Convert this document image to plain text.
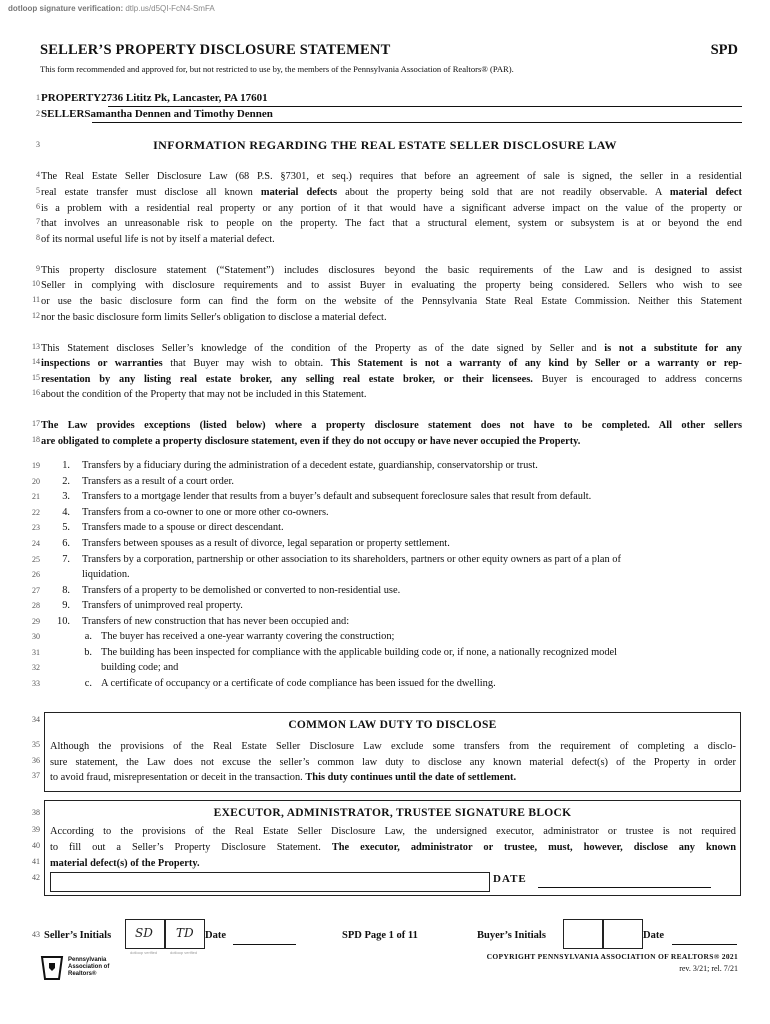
dotloop signature verification: dtlp.us/d5QI-FcN4-SmFA
SELLER’S PROPERTY DISCLOSURE STATEMENT	SPD
This form recommended and approved for, but not restricted to use by, the members of the Pennsylvania Association of Realtors® (PAR).
1
2
3
4
5
6
7
8
9
10
11
12
13
14
15
16
17
18
19
20
21
22
23
24
25
26
27
28
29
30
31
32
33
34
35
36
37
38
39
40
41
42
43
PROPERTY2736 Lititz Pk, Lancaster, PA 17601
SELLERSamantha Dennen and Timothy Dennen
INFORMATION REGARDING THE REAL ESTATE SELLER DISCLOSURE LAW
The Real Estate Seller Disclosure Law (68 P.S. §7301, et seq.) requires that before an agreement of sale is signed, the seller in a residential
real estate transfer must disclose all known material defects about the property being sold that are not readily observable. A material defect
is a problem with a residential real property or any portion of it that would have a significant adverse impact on the value of the property or
that involves an unreasonable risk to people on the property. The fact that a structural element, system or subsystem is at or beyond the end
of its normal useful life is not by itself a material defect.
This property disclosure statement (“Statement”) includes disclosures beyond the basic requirements of the Law and is designed to assist
Seller in complying with disclosure requirements and to assist Buyer in evaluating the property being considered. Sellers who wish to see
or use the basic disclosure form can find the form on the website of the Pennsylvania State Real Estate Commission. Neither this Statement
nor the basic disclosure form limits Seller's obligation to disclose a material defect.
This Statement discloses Seller’s knowledge of the condition of the Property as of the date signed by Seller and is not a substitute for any
inspections or warranties that Buyer may wish to obtain. This Statement is not a warranty of any kind by Seller or a warranty or rep-
resentation by any listing real estate broker, any selling real estate broker, or their licensees. Buyer is encouraged to address concerns
about the condition of the Property that may not be included in this Statement.
The Law provides exceptions (listed below) where a property disclosure statement does not have to be completed. All other sellers
are obligated to complete a property disclosure statement, even if they do not occupy or have never occupied the Property.
1. Transfers by a fiduciary during the administration of a decedent estate, guardianship, conservatorship or trust.
2. Transfers as a result of a court order.
3. Transfers to a mortgage lender that results from a buyer’s default and subsequent foreclosure sales that result from default.
4. Transfers from a co-owner to one or more other co-owners.
5. Transfers made to a spouse or direct descendant.
6. Transfers between spouses as a result of divorce, legal separation or property settlement.
7. Transfers by a corporation, partnership or other association to its shareholders, partners or other equity owners as part of a plan of
liquidation.
8. Transfers of a property to be demolished or converted to non-residential use.
9. Transfers of unimproved real property.
10. Transfers of new construction that has never been occupied and:
a. The buyer has received a one-year warranty covering the construction;
b. The building has been inspected for compliance with the applicable building code or, if none, a nationally recognized model
building code; and
c. A certificate of occupancy or a certificate of code compliance has been issued for the dwelling.
COMMON LAW DUTY TO DISCLOSE
Although the provisions of the Real Estate Seller Disclosure Law exclude some transfers from the requirement of completing a disclo-
sure statement, the Law does not excuse the seller’s common law duty to disclose any known material defect(s) of the Property in order
to avoid fraud, misrepresentation or deceit in the transaction. This duty continues until the date of settlement.
EXECUTOR, ADMINISTRATOR, TRUSTEE SIGNATURE BLOCK
According to the provisions of the Real Estate Seller Disclosure Law, the undersigned executor, administrator or trustee is not required
to fill out a Seller’s Property Disclosure Statement. The executor, administrator or trustee, must, however, disclose any known
material defect(s) of the Property.
DATE
Seller’s Initials SD TD
dotloop verified	dotloop verified
Date	SPD Page 1 of 11	Buyer’s Initials	Date
Pennsylvania Association of Realtors®
COPYRIGHT PENNSYLVANIA ASSOCIATION OF REALTORS® 2021
rev. 3/21; rel. 7/21
